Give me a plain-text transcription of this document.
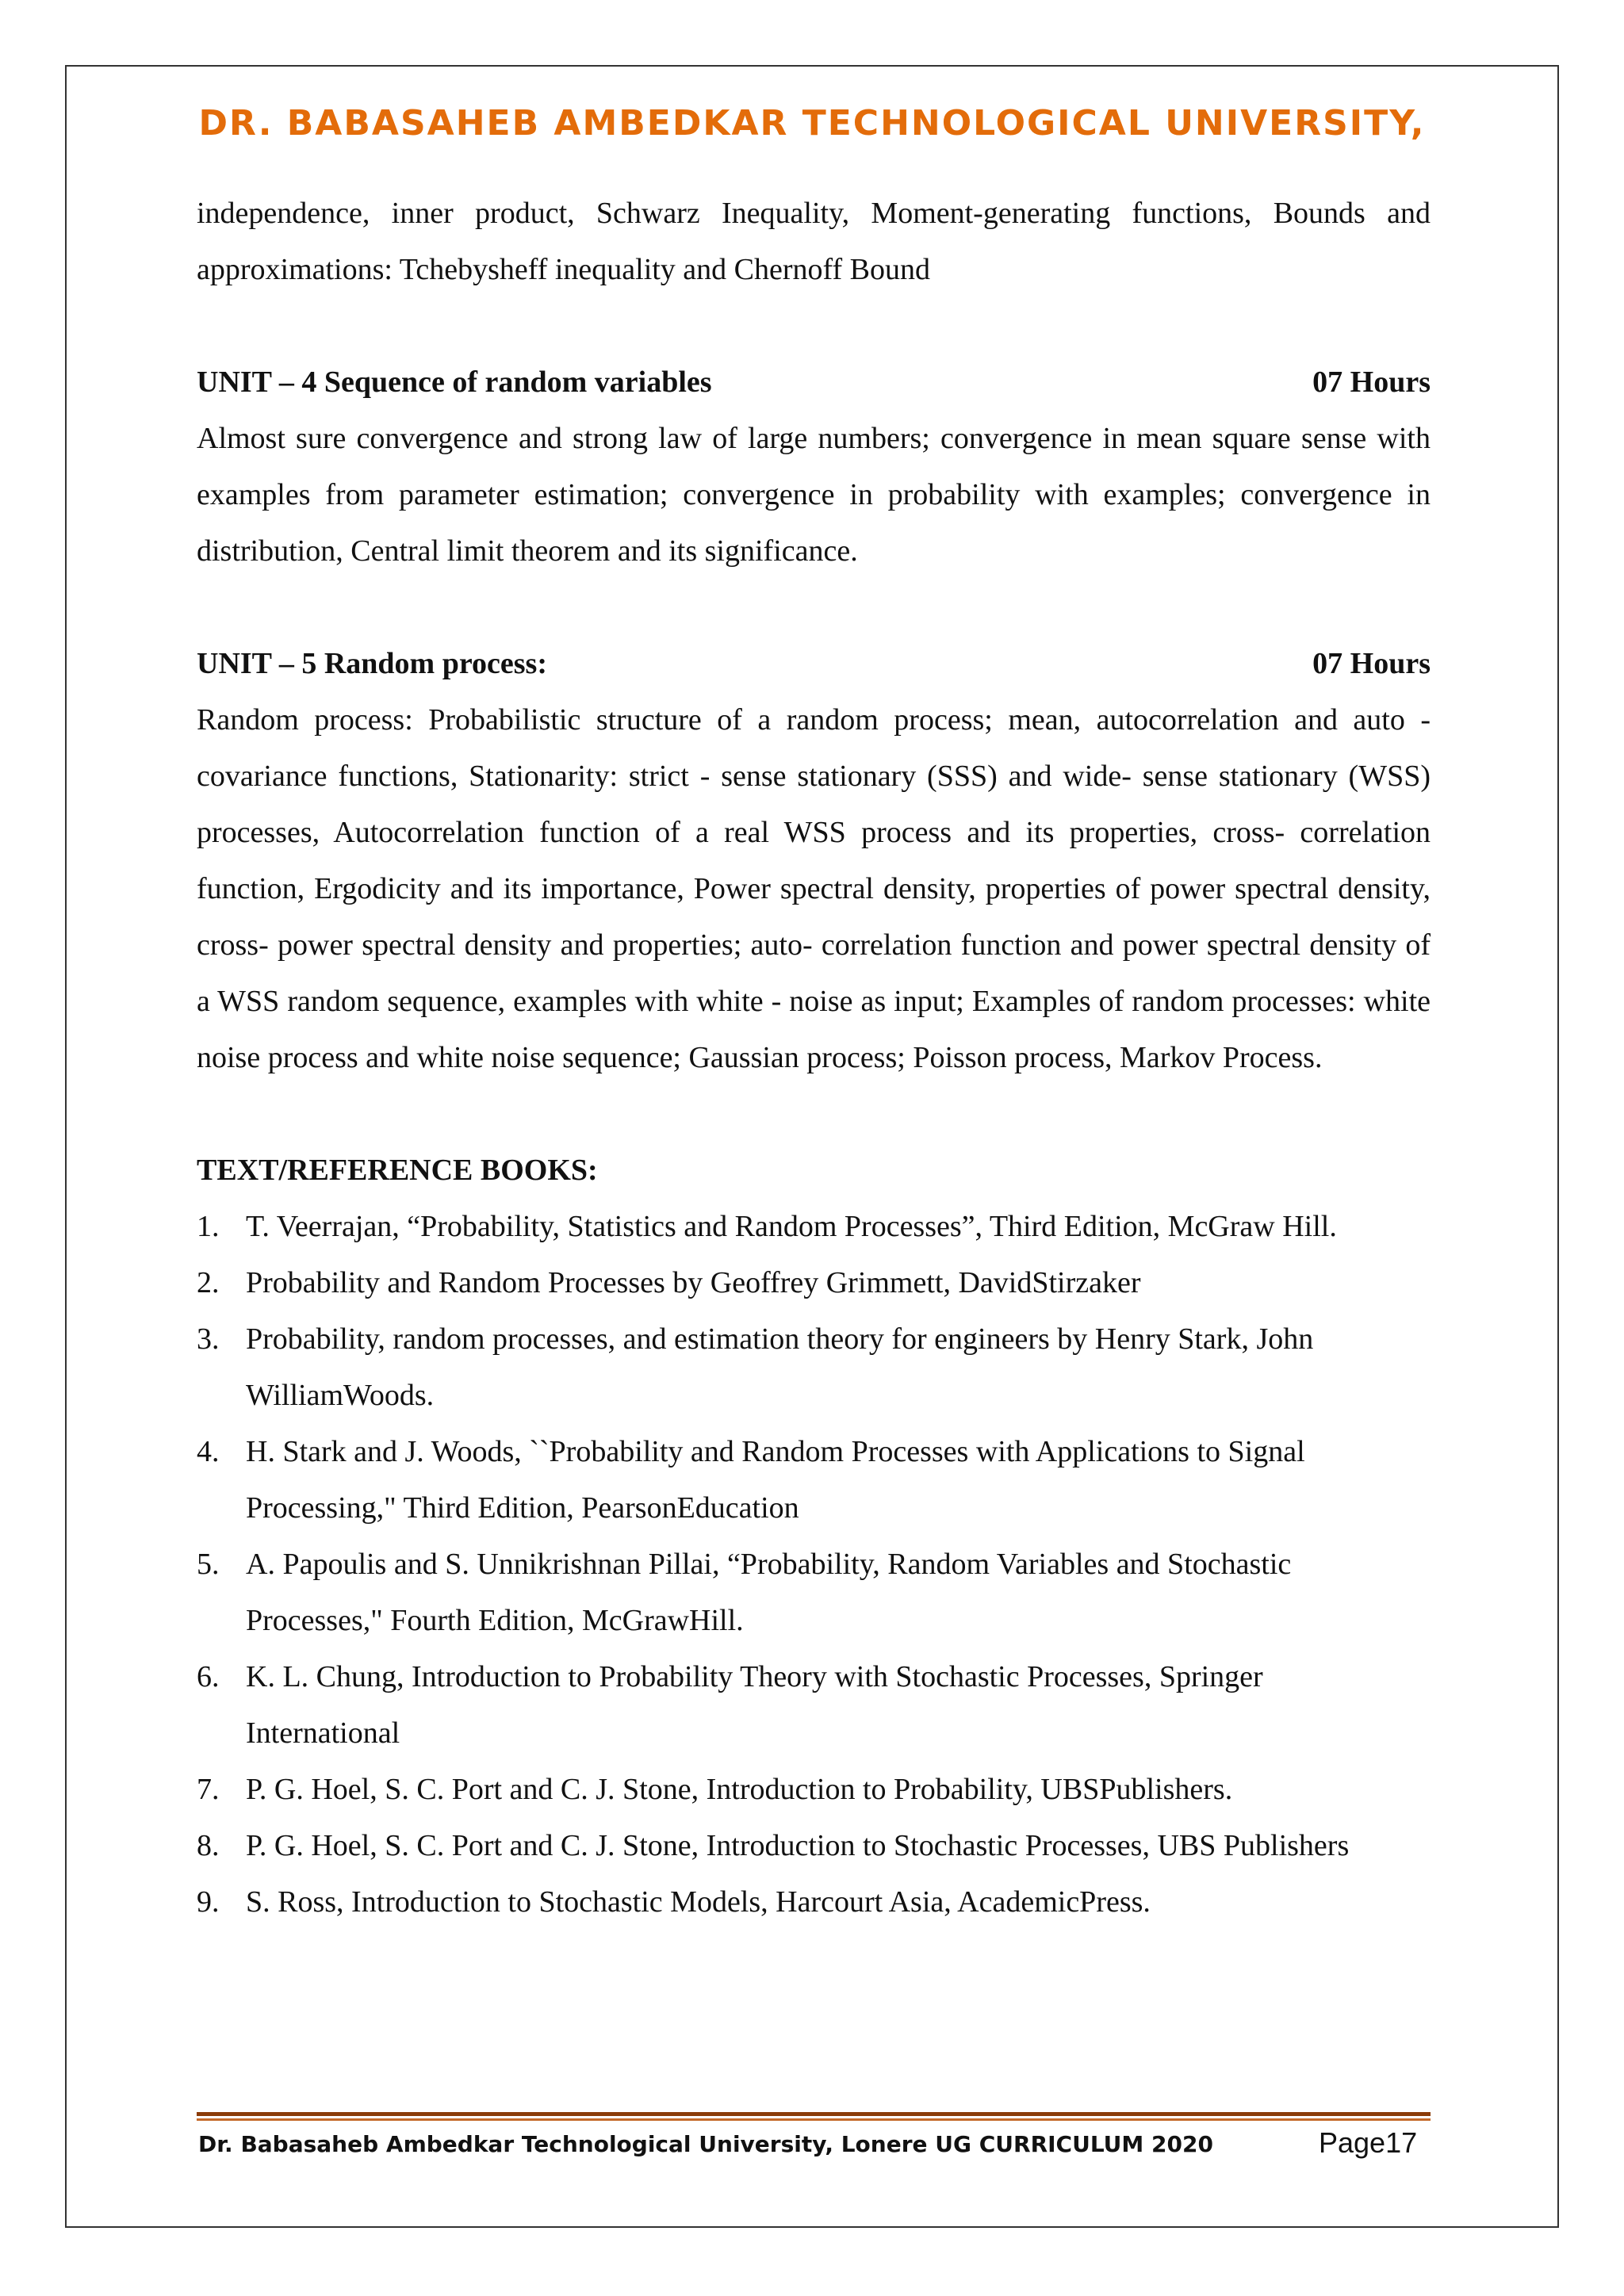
DR. BABASAHEB AMBEDKAR TECHNOLOGICAL UNIVERSITY,

independence, inner product, Schwarz Inequality, Moment-generating functions, Bounds and approximations: Tchebysheff inequality and Chernoff Bound

UNIT – 4 Sequence of random variables	07 Hours

Almost sure convergence and strong law of large numbers; convergence in mean square sense with examples from parameter estimation; convergence in probability with examples; convergence in distribution, Central limit theorem and its significance.

UNIT – 5 Random process:	07 Hours

Random process: Probabilistic structure of a random process; mean, autocorrelation and auto - covariance functions, Stationarity: strict - sense stationary (SSS) and wide- sense stationary (WSS) processes, Autocorrelation function of a real WSS process and its properties, cross- correlation function, Ergodicity and its importance, Power spectral density, properties of power spectral density, cross- power spectral density and properties; auto- correlation function and power spectral density of a WSS random sequence, examples with white - noise as input; Examples of random processes: white noise process and white noise sequence; Gaussian process; Poisson process, Markov Process.

TEXT/REFERENCE BOOKS:

1. T. Veerrajan, “Probability, Statistics and Random Processes”, Third Edition, McGraw Hill.
2. Probability and Random Processes by Geoffrey Grimmett, DavidStirzaker
3. Probability, random processes, and estimation theory for engineers by Henry Stark, John WilliamWoods.
4. H. Stark and J. Woods, ``Probability and Random Processes with Applications to Signal Processing," Third Edition, PearsonEducation
5. A. Papoulis and S. Unnikrishnan Pillai, “Probability, Random Variables and Stochastic Processes," Fourth Edition, McGrawHill.
6. K. L. Chung, Introduction to Probability Theory with Stochastic Processes, Springer International
7. P. G. Hoel, S. C. Port and C. J. Stone, Introduction to Probability, UBSPublishers.
8. P. G. Hoel, S. C. Port and C. J. Stone, Introduction to Stochastic Processes, UBS Publishers
9. S. Ross, Introduction to Stochastic Models, Harcourt Asia, AcademicPress.
Dr. Babasaheb Ambedkar Technological University, Lonere UG CURRICULUM 2020	Page17
